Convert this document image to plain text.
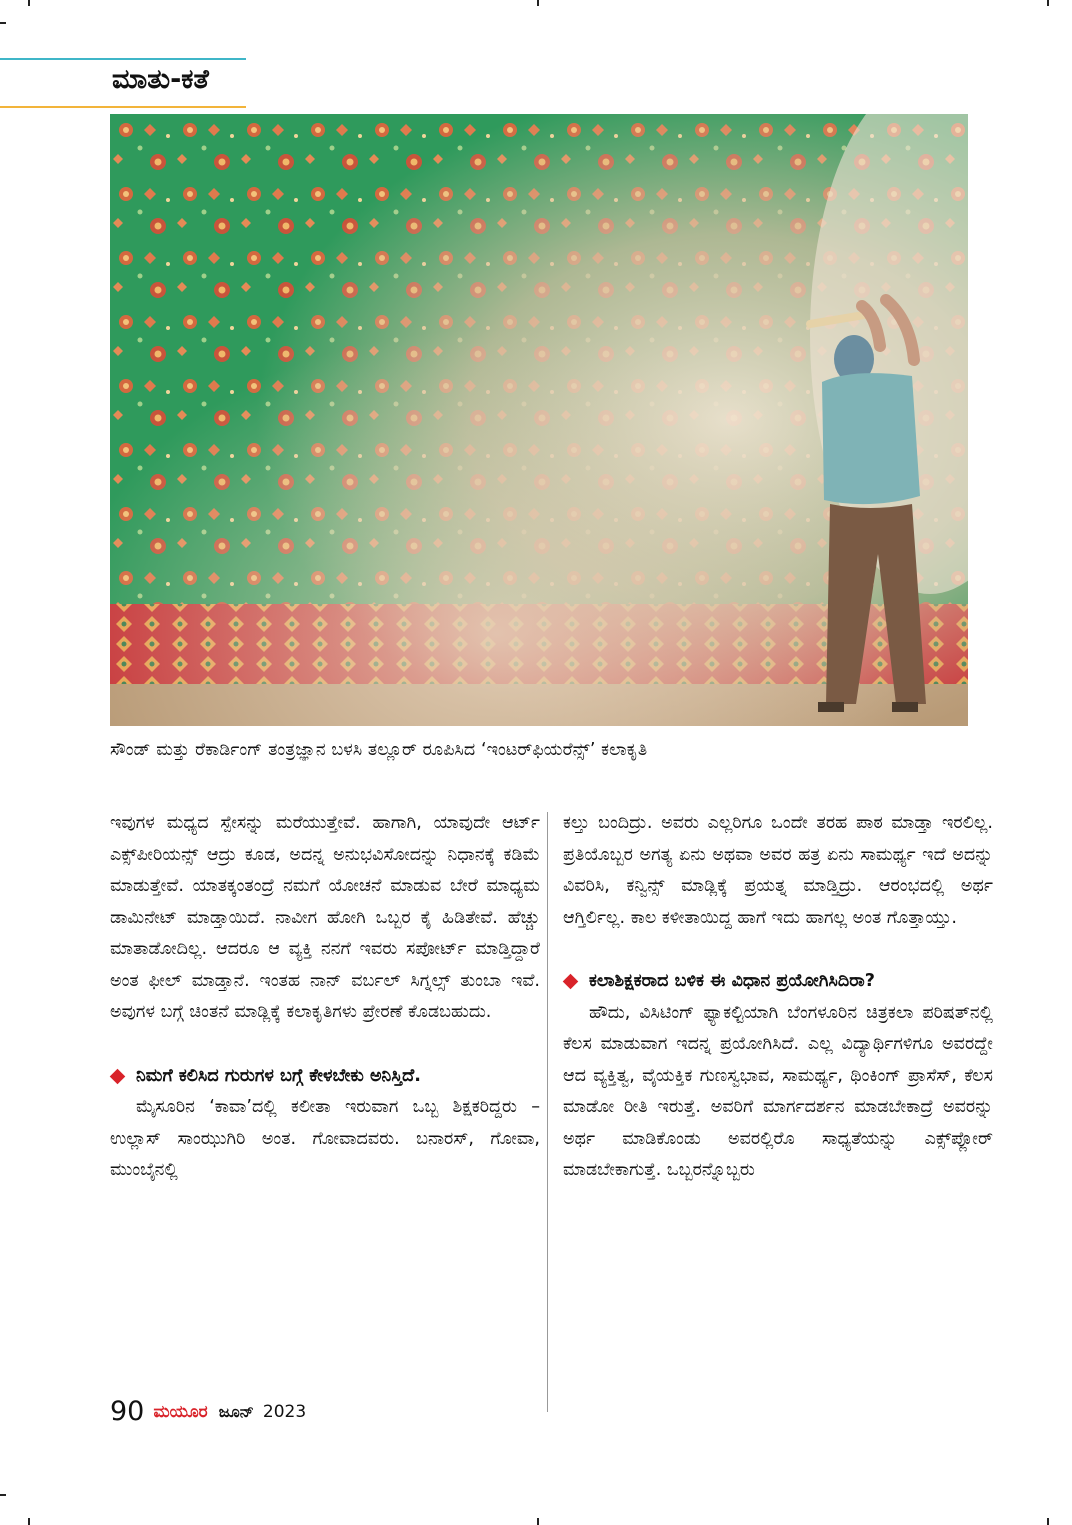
ಮಾತು-ಕತೆ
ಸೌಂಡ್ ಮತ್ತು ರೆಕಾರ್ಡಿಂಗ್ ತಂತ್ರಜ್ಞಾನ ಬಳಸಿ ತಲ್ಲೂರ್ ರೂಪಿಸಿದ ‘ಇಂಟರ್‌ಫಿಯರೆನ್ಸ್’ ಕಲಾಕೃತಿ

ಇವುಗಳ ಮಧ್ಯದ ಸ್ಪೇಸನ್ನು ಮರೆಯುತ್ತೇವೆ. ಹಾಗಾಗಿ, ಯಾವುದೇ ಆರ್ಟ್ ಎಕ್ಸ್‌ಪೀರಿಯನ್ಸ್ ಆದ್ರು ಕೂಡ, ಅದನ್ನ ಅನುಭವಿಸೋದನ್ನು ನಿಧಾನಕ್ಕೆ ಕಡಿಮೆ ಮಾಡುತ್ತೇವೆ. ಯಾತಕ್ಕಂತಂದ್ರೆ ನಮಗೆ ಯೋಚನೆ ಮಾಡುವ ಬೇರೆ ಮಾಧ್ಯಮ ಡಾಮಿನೇಟ್ ಮಾಡ್ತಾಯಿದೆ. ನಾವೀಗ ಹೋಗಿ ಒಬ್ಬರ ಕೈ ಹಿಡಿತೇವೆ. ಹೆಚ್ಚು ಮಾತಾಡೋದಿಲ್ಲ. ಆದರೂ ಆ ವ್ಯಕ್ತಿ ನನಗೆ ಇವರು ಸಪೋರ್ಟ್ ಮಾಡ್ತಿದ್ದಾರೆ ಅಂತ ಫೀಲ್ ಮಾಡ್ತಾನೆ. ಇಂತಹ ನಾನ್ ವರ್ಬಲ್ ಸಿಗ್ನಲ್ಸ್ ತುಂಬಾ ಇವೆ. ಅವುಗಳ ಬಗ್ಗೆ ಚಿಂತನೆ ಮಾಡ್ಲಿಕ್ಕೆ ಕಲಾಕೃತಿಗಳು ಪ್ರೇರಣೆ ಕೊಡಬಹುದು.

ನಿಮಗೆ ಕಲಿಸಿದ ಗುರುಗಳ ಬಗ್ಗೆ ಕೇಳಬೇಕು ಅನಿಸ್ತಿದೆ.

ಮೈಸೂರಿನ ‘ಕಾವಾ’ದಲ್ಲಿ ಕಲೀತಾ ಇರುವಾಗ ಒಬ್ಬ ಶಿಕ್ಷಕರಿದ್ದರು – ಉಲ್ಲಾಸ್ ಸಾಂಝುಗಿರಿ ಅಂತ. ಗೋವಾದವರು. ಬನಾರಸ್, ಗೋವಾ, ಮುಂಬೈನಲ್ಲಿ

ಕಲ್ತು ಬಂದಿದ್ರು. ಅವರು ಎಲ್ಲರಿಗೂ ಒಂದೇ ತರಹ ಪಾಠ ಮಾಡ್ತಾ ಇರಲಿಲ್ಲ. ಪ್ರತಿಯೊಬ್ಬರ ಅಗತ್ಯ ಏನು ಅಥವಾ ಅವರ ಹತ್ರ ಏನು ಸಾಮರ್ಥ್ಯ ಇದೆ ಅದನ್ನು ವಿವರಿಸಿ, ಕನ್ವಿನ್ಸ್ ಮಾಡ್ಲಿಕ್ಕೆ ಪ್ರಯತ್ನ ಮಾಡ್ತಿದ್ರು. ಆರಂಭದಲ್ಲಿ ಅರ್ಥ ಆಗ್ತಿರ್ಲಿಲ್ಲ. ಕಾಲ ಕಳೀತಾಯಿದ್ದ ಹಾಗೆ ಇದು ಹಾಗಲ್ಲ ಅಂತ ಗೊತ್ತಾಯ್ತು.

ಕಲಾಶಿಕ್ಷಕರಾದ ಬಳಿಕ ಈ ವಿಧಾನ ಪ್ರಯೋಗಿಸಿದಿರಾ?

ಹೌದು, ವಿಸಿಟಿಂಗ್ ಫ್ಯಾಕಲ್ಟಿಯಾಗಿ ಬೆಂಗಳೂರಿನ ಚಿತ್ರಕಲಾ ಪರಿಷತ್‌ನಲ್ಲಿ ಕೆಲಸ ಮಾಡುವಾಗ ಇದನ್ನ ಪ್ರಯೋಗಿಸಿದೆ. ಎಲ್ಲ ವಿದ್ಯಾರ್ಥಿಗಳಿಗೂ ಅವರದ್ದೇ ಆದ ವ್ಯಕ್ತಿತ್ವ, ವೈಯಕ್ತಿಕ ಗುಣಸ್ವಭಾವ, ಸಾಮರ್ಥ್ಯ, ಥಿಂಕಿಂಗ್ ಪ್ರಾಸೆಸ್, ಕೆಲಸ ಮಾಡೋ ರೀತಿ ಇರುತ್ತೆ. ಅವರಿಗೆ ಮಾರ್ಗದರ್ಶನ ಮಾಡಬೇಕಾದ್ರೆ ಅವರನ್ನು ಅರ್ಥ ಮಾಡಿಕೊಂಡು ಅವರಲ್ಲಿರೊ ಸಾಧ್ಯತೆಯನ್ನು ಎಕ್ಸ್‌ಪ್ಲೋರ್ ಮಾಡಬೇಕಾಗುತ್ತೆ. ಒಬ್ಬರನ್ನೊಬ್ಬರು

90 ಮಯೂರ ಜೂನ್ 2023
